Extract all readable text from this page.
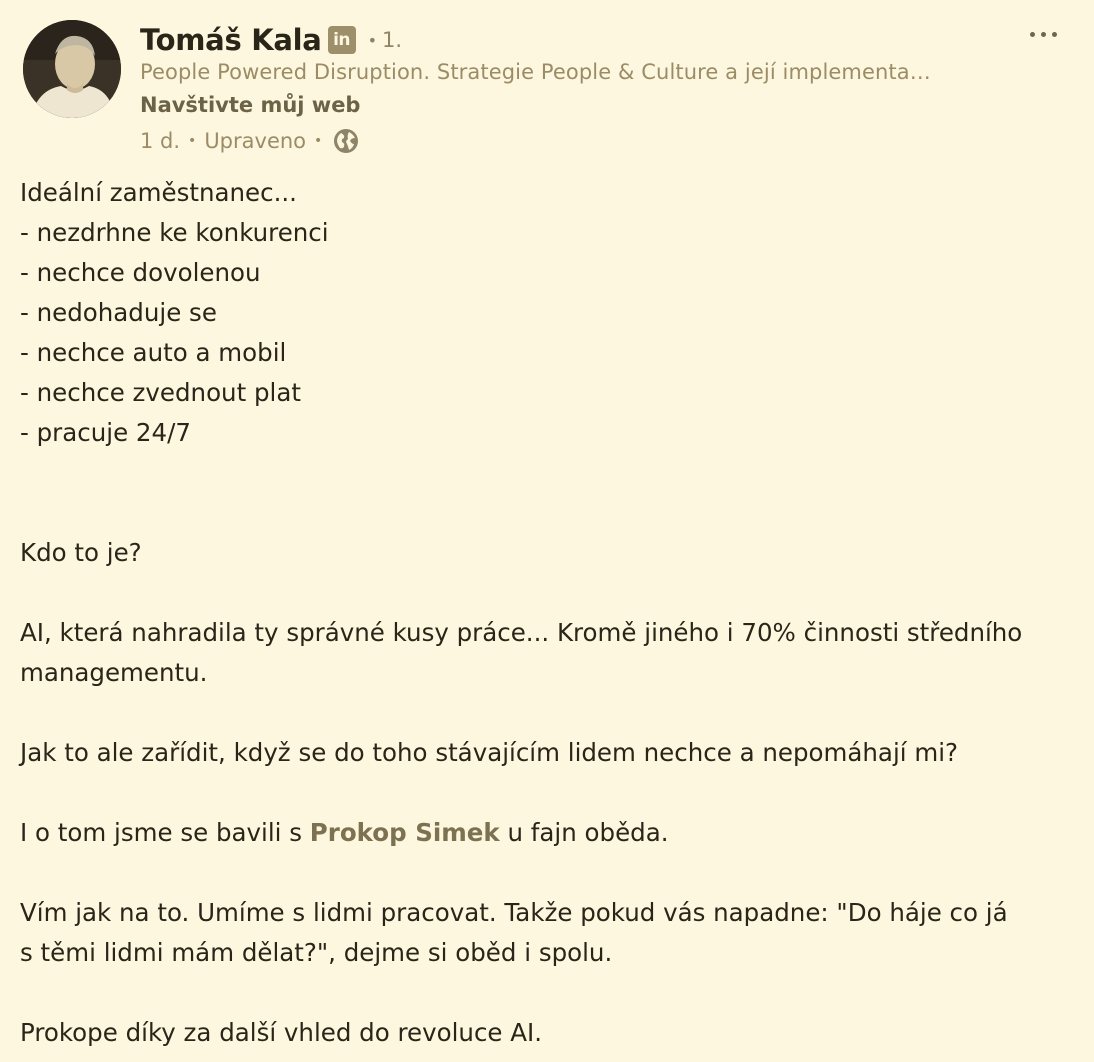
Tomáš Kala in	• 1.
People Powered Disruption. Strategie People & Culture a její implementa…
Navštivte můj web
1 d. • Upraveno •

Ideální zaměstnanec...

- nezdrhne ke konkurenci

- nechce dovolenou

- nedohaduje se

- nechce auto a mobil

- nechce zvednout plat

- pracuje 24/7

Kdo to je?

AI, která nahradila ty správné kusy práce... Kromě jiného i 70% činnosti středního

managementu.

Jak to ale zařídit, když se do toho stávajícím lidem nechce a nepomáhají mi?

I o tom jsme se bavili s Prokop Simek u fajn oběda.

Vím jak na to. Umíme s lidmi pracovat. Takže pokud vás napadne: "Do háje co já

s těmi lidmi mám dělat?", dejme si oběd i spolu.

Prokope díky za další vhled do revoluce AI.
